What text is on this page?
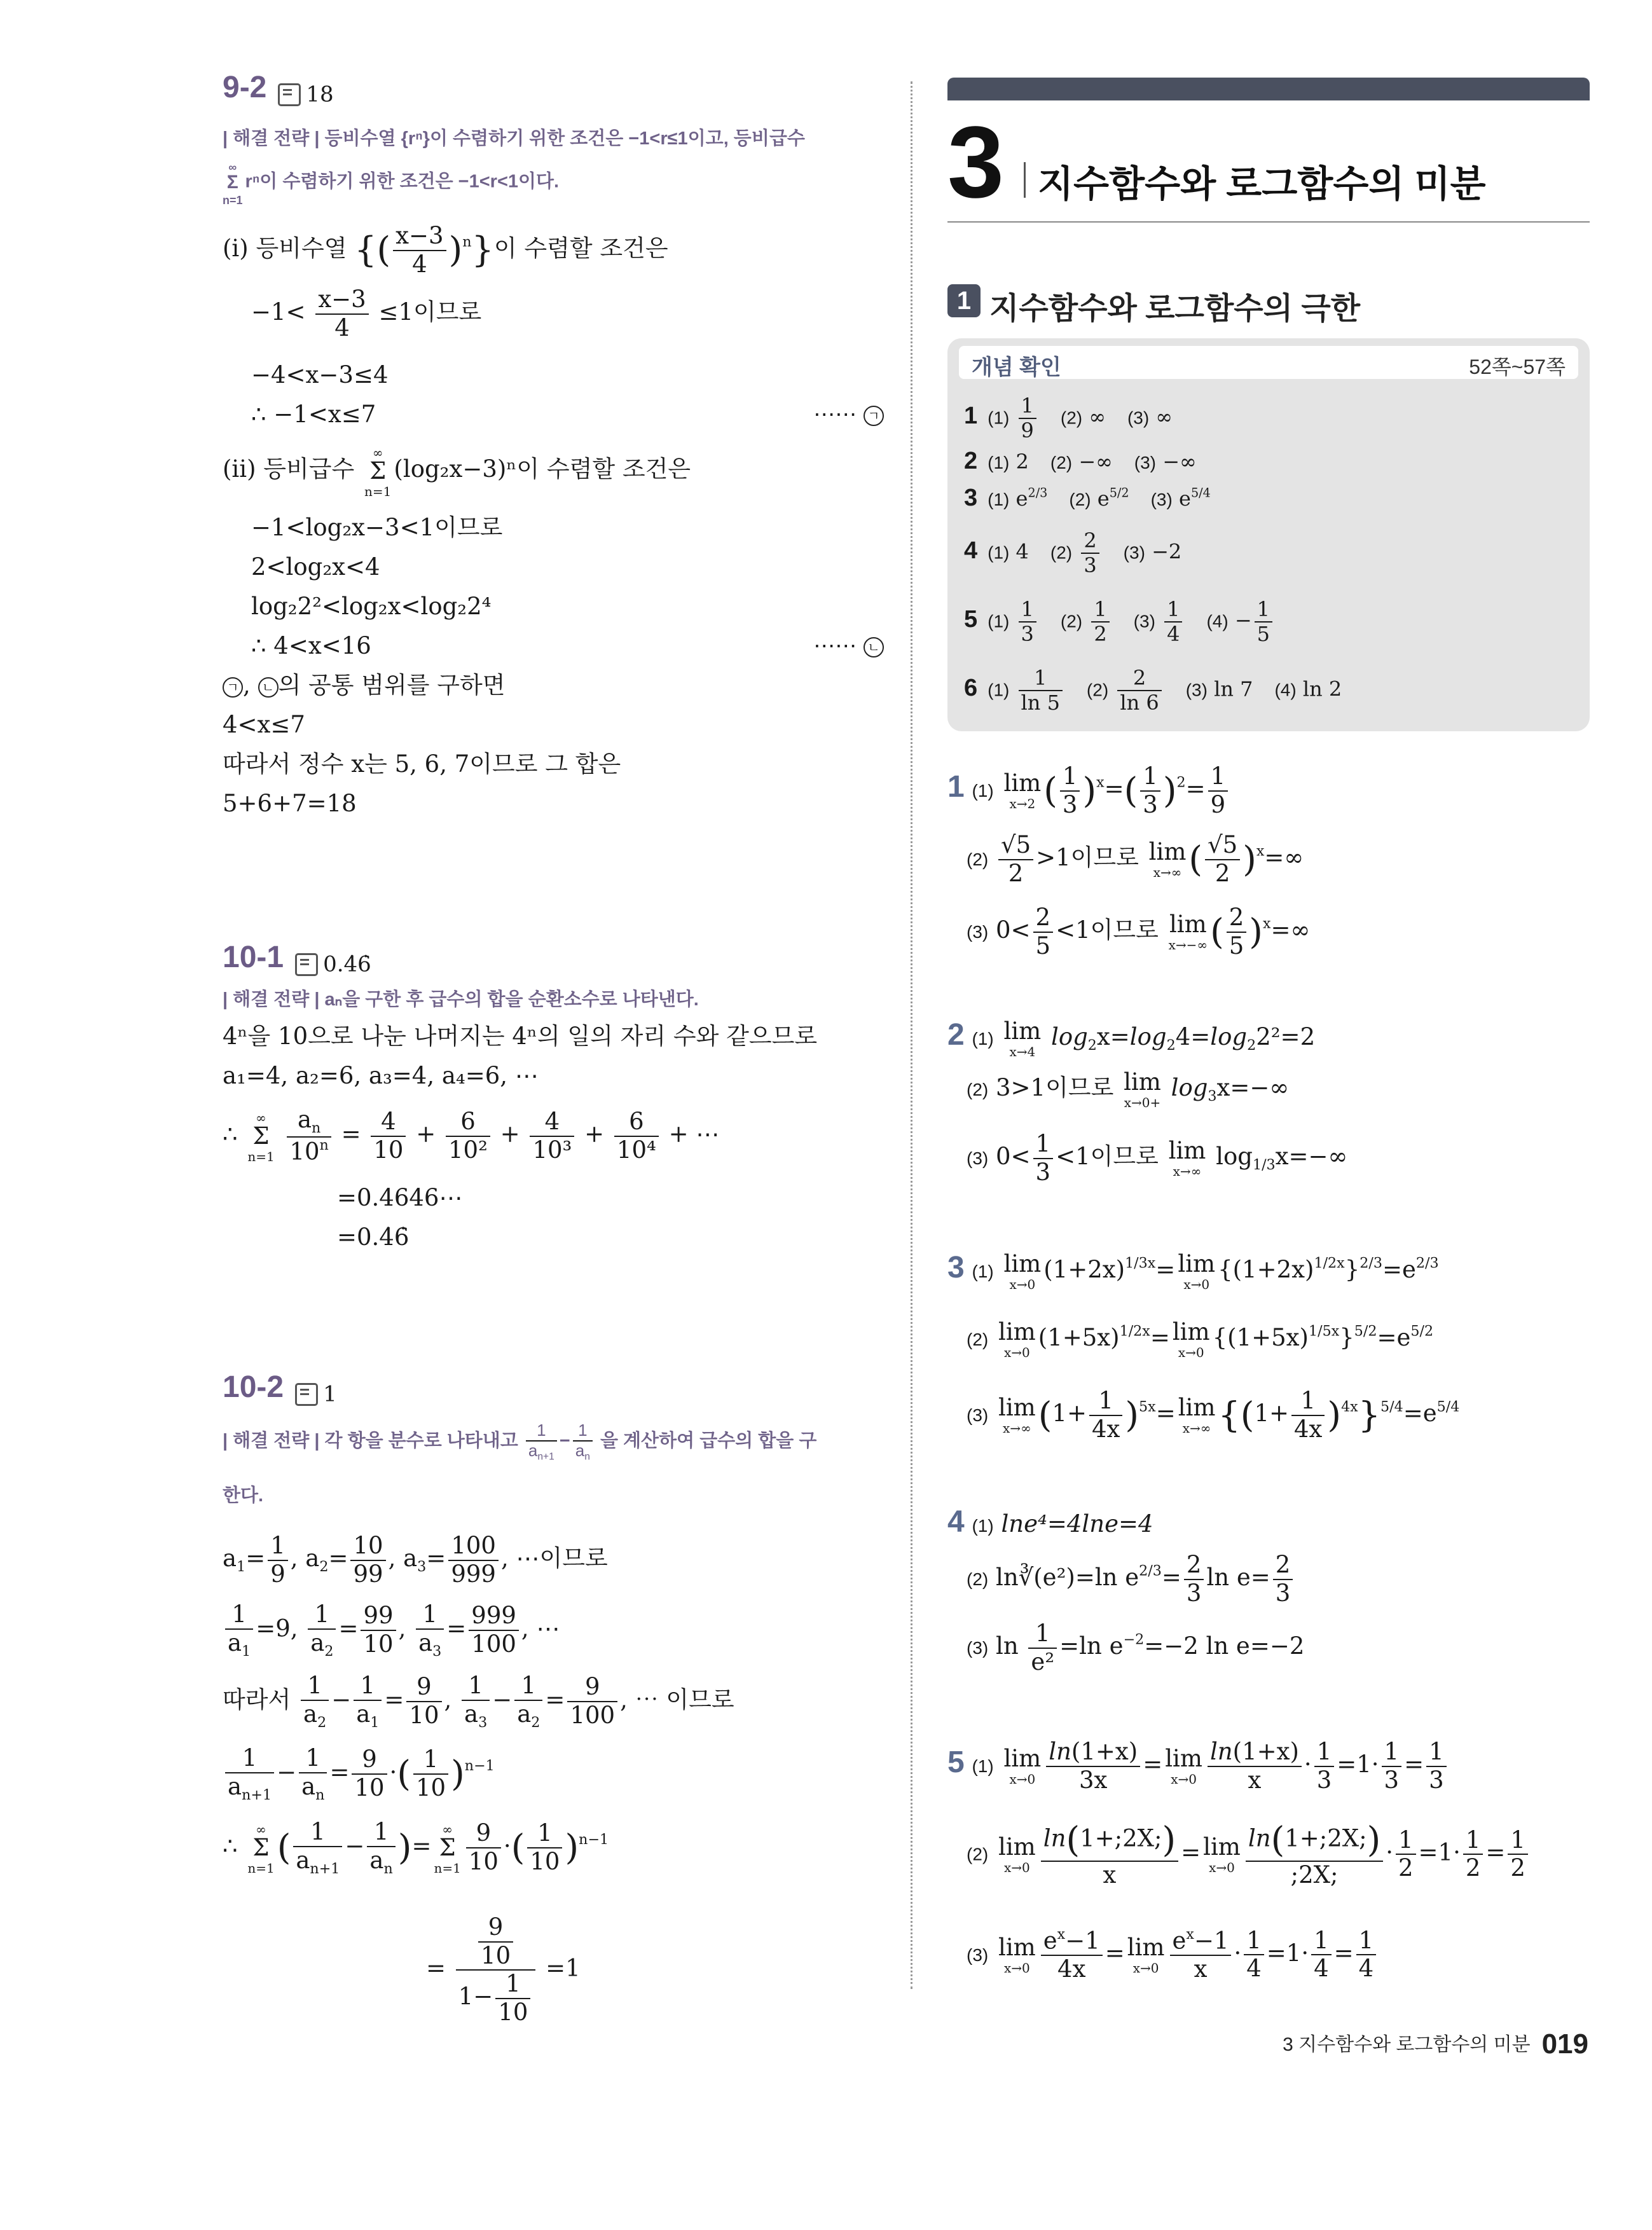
9-2 18
| 해결 전략 | 등비수열 {rⁿ}이 수렴하기 위한 조건은 −1<r≤1이고, 등비급수
∞
Σ
n=1
rⁿ이 수렴하기 위한 조건은 −1<r<1이다.
(i) 등비수열 {( $\frac{x-3}{4} )^n$}이 수렴할 조건은
$-1< \frac{x-3}{4} \le 1$이므로
−4<x−3≤4
∴ −1<x≤7	⋯⋯ ㄱ
(ii) 등비급수
∞
Σ
n=1
(log₂x−3)ⁿ이 수렴할 조건은
−1<log₂x−3<1이므로
2<log₂x<4
log₂2²<log₂x<log₂2⁴
∴ 4<x<16	⋯⋯ ㄴ
ㄱ , ㄴ 의 공통 범위를 구하면
4<x≤7
따라서 정수 x는 5, 6, 7이므로 그 합은
5+6+7=18
10-1 0.4̇6̇
| 해결 전략 | aₙ을 구한 후 급수의 합을 순환소수로 나타낸다.
4ⁿ을 10으로 나눈 나머지는 4ⁿ의 일의 자리 수와 같으므로
a₁=4, a₂=6, a₃=4, a₄=6, ⋯
∴
∞
Σ
n=1
$\frac{a_n}{10^n} = \frac{4}{10} + \frac{6}{\text{10²}} + \frac{4}{\text{10³}} + \frac{6}{\text{10⁴}}$ + ⋯
=0.4646⋯
=0.4̇6̇
10-2 1
| 해결 전략 | 각 항을 분수로 나타내고 $\frac{1}{a_{n+1}} - \frac{1}{a_n}$ 을 계산하여 급수의 합을 구
한다.
$a_1= \frac{1}{9}$ , $a_2= \frac{10}{99}$ , $a_3= \frac{100}{999}$ , ⋯이므로
$\frac{1}{a_1} =9$, $\frac{1}{a_2} = \frac{99}{10}$ , $\frac{1}{a_3} = \frac{999}{100}$ , ⋯
따라서 $\frac{1}{a_2} - \frac{1}{a_1} = \frac{9}{10}$ , $\frac{1}{a_3} - \frac{1}{a_2} = \frac{9}{100}$ , ⋯ 이므로
$\frac{1}{a_{n+1}} - \frac{1}{a_n} = \frac{9}{10}$ ·( $\frac{1}{10} )^{n-1}$
∴
∞
Σ
n=1
( $\frac{1}{a_{n+1}} - \frac{1}{a_n}$ )=
∞
Σ
$n=1 \frac{9}{10}$ ·( $\frac{1}{10} )^{n-1}$
= $\frac{\frac{9}{10}}{1- \frac{1}{10}} =1$
3 지수함수와 로그함수의 미분
1 지수함수와 로그함수의 극한
개념 확인	52쪽~57쪽
1 $(1) \frac{1}{9} (2)$ ∞ (3) ∞
2 (1) 2 (2) −∞ (3) −∞
3 (1) $e^{2/3}$ (2) $e^{5/2}$ (3) $e^{5/4}$
4 (1) 4 $(2) \frac{2}{3} (3) -2$
5 $(1) \frac{1}{3} (2) \frac{1}{2} (3) \frac{1}{4} (4) - \frac{1}{5}$
6 $(1) \frac{1}{\ln 5} (2) \frac{2}{\ln 6} (3)$ ln 7 (4) ln 2
1 (1) lim
x→2 ( $\frac{1}{3} )^x=( \frac{1}{3} )^2= \frac{1}{9}$
$(2) \frac{√5}{2} >1$이므로 lim
x→∞ ( $\frac{√5}{2} )^x=\infty$
(3) $0< \frac{2}{5} <1$이므로 lim
x→−∞ ( $\frac{2}{5} )^x=\infty$
2 (1) lim
x→4
$\log_2x=\log_24=\log_22^2=2$
(2) 3>1이므로 lim
x→0+
$\log_3x=-\infty$
(3) $0< \frac{1}{3} <1$이므로 lim
x→∞
$\log_{1/3}x=-\infty$
3 (1) lim
x→0
$(1+2x)^{1/3x}= \lim$
x→0
$\{(1+2x)^{1/2x}\}^{2/3}=e^{2/3}$
(2) lim
x→0
$(1+5x)^{1/2x}= \lim$
x→0
$\{(1+5x)^{1/5x}\}^{5/2}=e^{5/2}$
(3) lim
x→∞ $(1+ \frac{1}{4x} )^{5x}= \lim$
x→∞ $\{(1+ \frac{1}{4x} )^{4x}\}^{5/4}=e^{5/4}$
4 (1) lne⁴=4lne=4
(2) ln∛(e²)=ln $e^{2/3}= \frac{2}{3}$ $\ln e= \frac{2}{3}$
(3) $\ln \frac{1}{\text{e²}} =\ln$ $e^{-2}=-2$ ln e=−2
5 (1) lim
$x\to 0 \frac{\ln(1+x)}{3x} = \lim$
$x\to 0 \frac{\ln(1+x)}{x} \cdot \frac{1}{3} =1\cdot \frac{1}{3} = \frac{1}{3}$
(2) lim
$x\to 0 \frac{\ln(1+;2X;)}{x} = \lim$
$x\to 0 \frac{\ln(1+;2X;)}{;2X;} \cdot \frac{1}{2} =1\cdot \frac{1}{2} = \frac{1}{2}$
(3) lim
$x\to 0 \frac{e^x-1}{4x} = \lim$
$x\to 0 \frac{e^x-1}{x} \cdot \frac{1}{4} =1\cdot \frac{1}{4} = \frac{1}{4}$
3 지수함수와 로그함수의 미분 019
